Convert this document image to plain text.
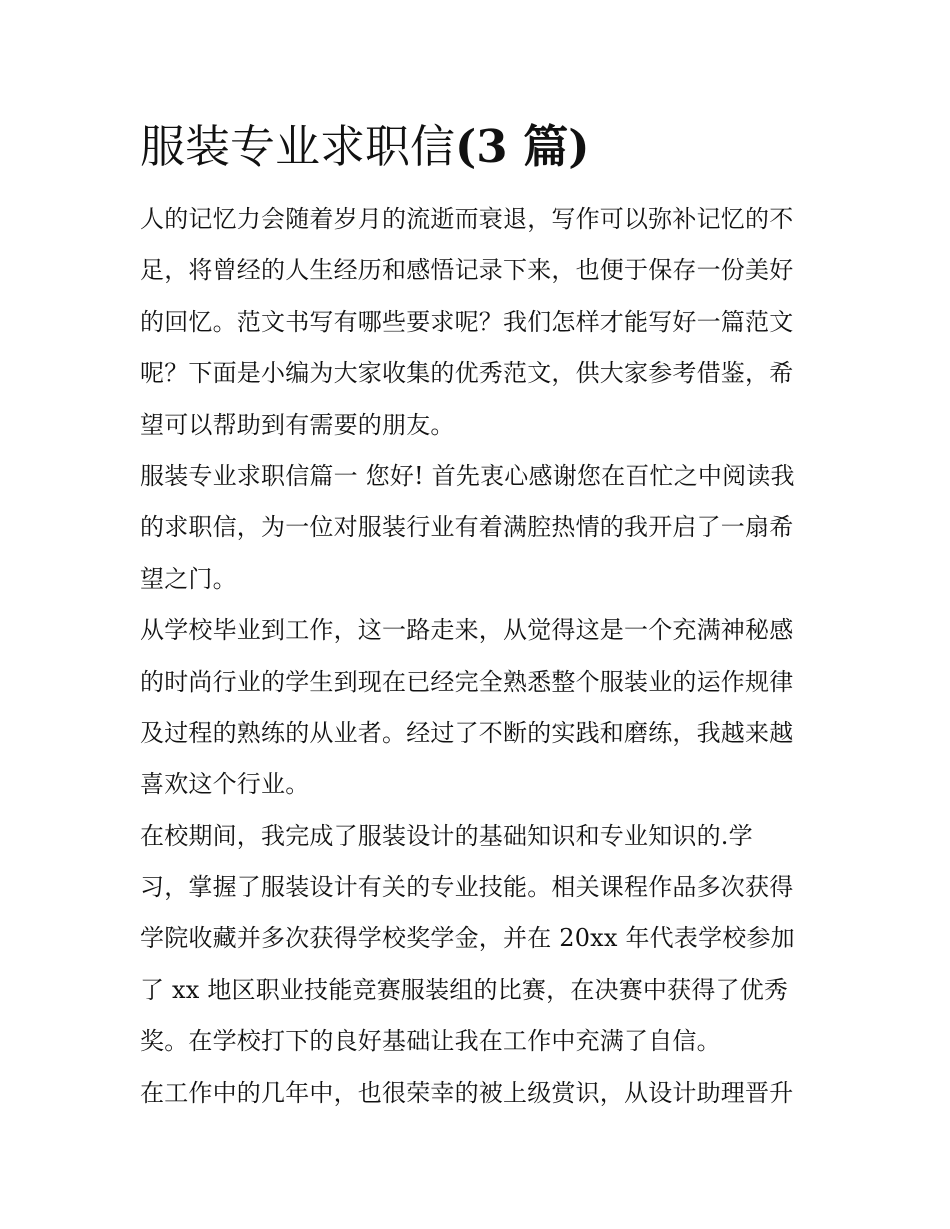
服装专业求职信(3 篇)
人的记忆力会随着岁月的流逝而衰退，写作可以弥补记忆的不
足，将曾经的人生经历和感悟记录下来，也便于保存一份美好
的回忆。范文书写有哪些要求呢？我们怎样才能写好一篇范文
呢？下面是小编为大家收集的优秀范文，供大家参考借鉴，希
望可以帮助到有需要的朋友。
服装专业求职信篇一 您好! 首先衷心感谢您在百忙之中阅读我
的求职信，为一位对服装行业有着满腔热情的我开启了一扇希
望之门。
从学校毕业到工作，这一路走来，从觉得这是一个充满神秘感
的时尚行业的学生到现在已经完全熟悉整个服装业的运作规律
及过程的熟练的从业者。经过了不断的实践和磨练，我越来越
喜欢这个行业。
在校期间，我完成了服装设计的基础知识和专业知识的.学
习，掌握了服装设计有关的专业技能。相关课程作品多次获得
学院收藏并多次获得学校奖学金，并在 20xx 年代表学校参加
了 xx 地区职业技能竞赛服装组的比赛，在决赛中获得了优秀
奖。在学校打下的良好基础让我在工作中充满了自信。
在工作中的几年中，也很荣幸的被上级赏识，从设计助理晋升
